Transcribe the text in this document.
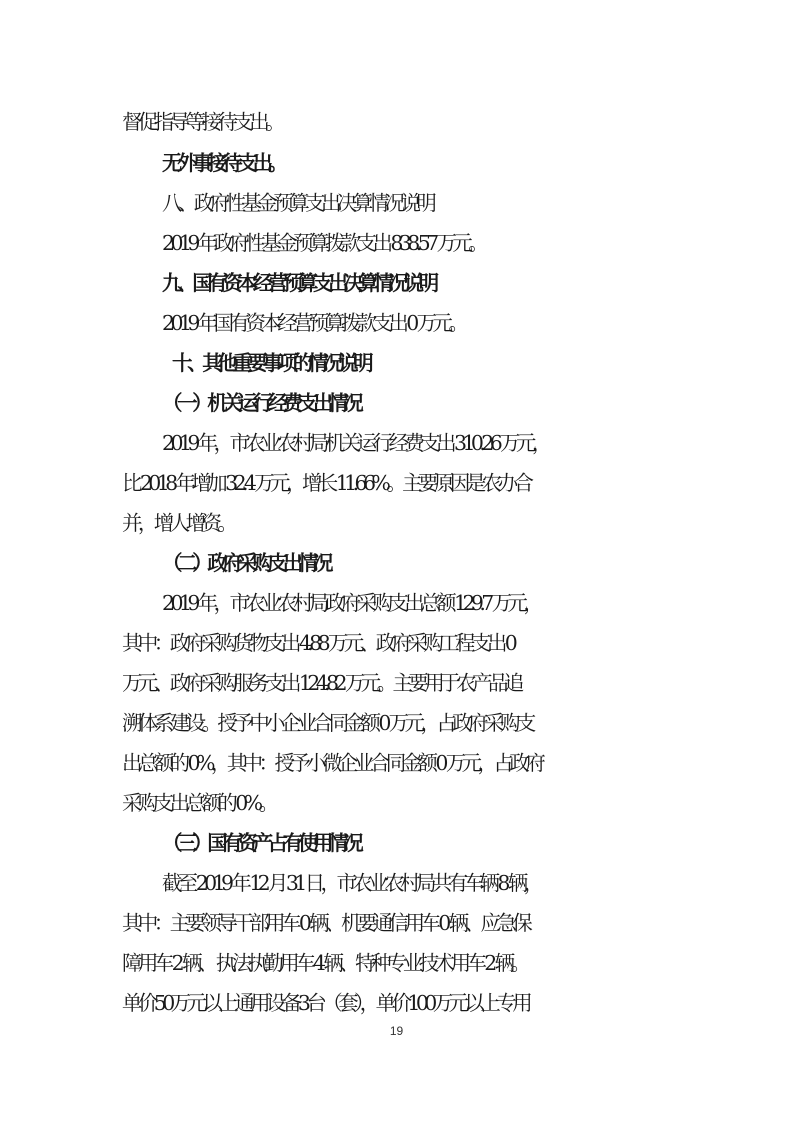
督促指导等接待支出。
无外事接待支出。
八、政府性基金预算支出决算情况说明
2019 年政府性基金预算拨款支出 838.57 万元。
九、国有资本经营预算支出决算情况说明
2019 年国有资本经营预算拨款支出 0 万元。
十、其他重要事项的情况说明
（一）机关运行经费支出情况
2019 年，市农业农村局机关运行经费支出 310.26 万元，
比 2018 年增加 32.4 万元，增长 11.66%。主要原因是农办合
并，增人增资。
（二）政府采购支出情况
2019 年，市农业农村局政府采购支出总额 129.7 万元，
其中：政府采购货物支出 4.88 万元、政府采购工程支出 0
万元、政府采购服务支出 124.82 万元。主要用于农产品追
溯体系建设。授予中小企业合同金额 0 万元，占政府采购支
出总额的 0%，其中：授予小微企业合同金额 0 万元，占政府
采购支出总额的 0%。
（三）国有资产占有使用情况
截至 2019 年 12 月 31 日，市农业农村局共有车辆 8 辆，
其中：主要领导干部用车 0 辆、机要通信用车 0 辆、应急保
障用车 2 辆、 执法执勤用车 4 辆、特种专业技术用车 2 辆。
单价50万元以上通用设备3台（套），单价100万元以上专用
19
